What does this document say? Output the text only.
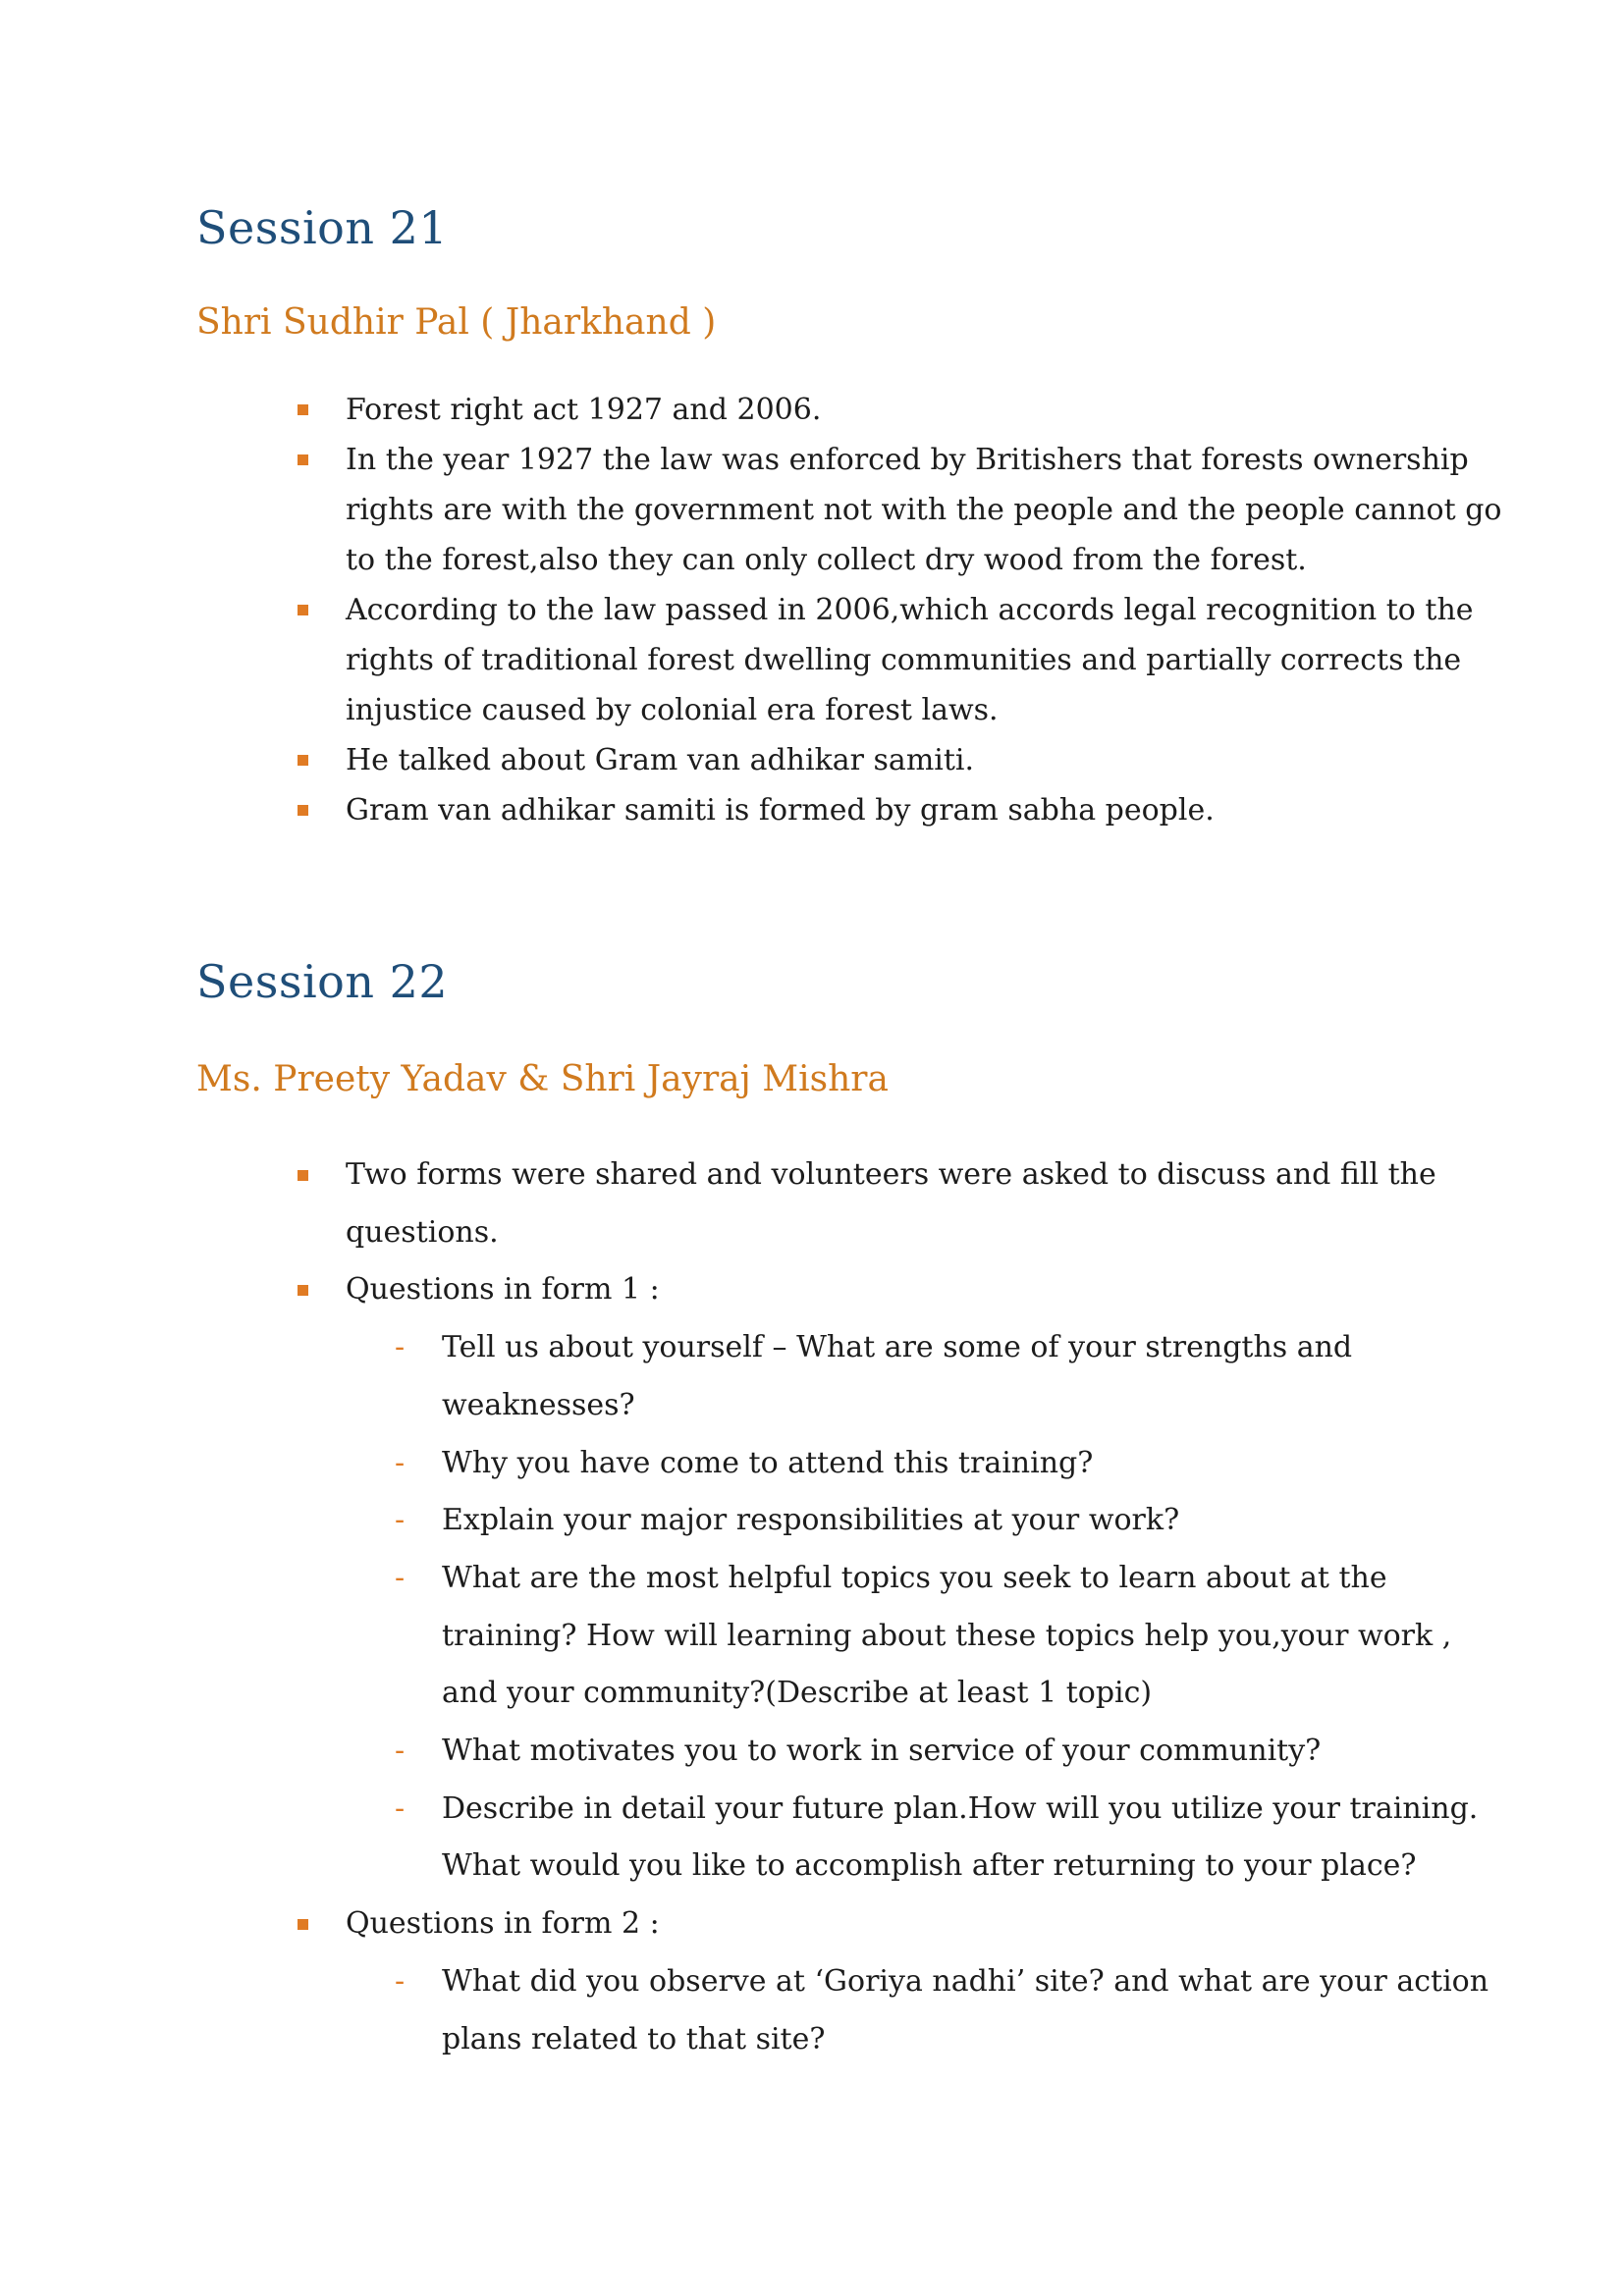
Session 21
Shri Sudhir Pal ( Jharkhand )
Forest right act 1927 and 2006.
In the year 1927 the law was enforced by Britishers that forests ownership rights are with the government not with the people and the people cannot go to the forest,also they can only collect dry wood from the forest.
According to the law passed in 2006,which accords legal recognition to the rights of traditional forest dwelling communities and partially corrects the injustice caused by colonial era forest laws.
He talked about Gram van adhikar samiti.
Gram van adhikar samiti is formed by gram sabha people.
Session 22
Ms. Preety Yadav & Shri Jayraj Mishra
Two forms were shared and volunteers were asked to discuss and fill the questions.
Questions in form 1 :
- Tell us about yourself – What are some of your strengths and weaknesses?
- Why you have come to attend this training?
- Explain your major responsibilities at your work?
- What are the most helpful topics you seek to learn about at the training? How will learning about these topics help you,your work , and your community?(Describe at least 1 topic)
- What motivates you to work in service of your community?
- Describe in detail your future plan.How will you utilize your training. What would you like to accomplish after returning to your place?
Questions in form 2 :
- What did you observe at ‘Goriya nadhi’ site? and what are your action plans related to that site?
